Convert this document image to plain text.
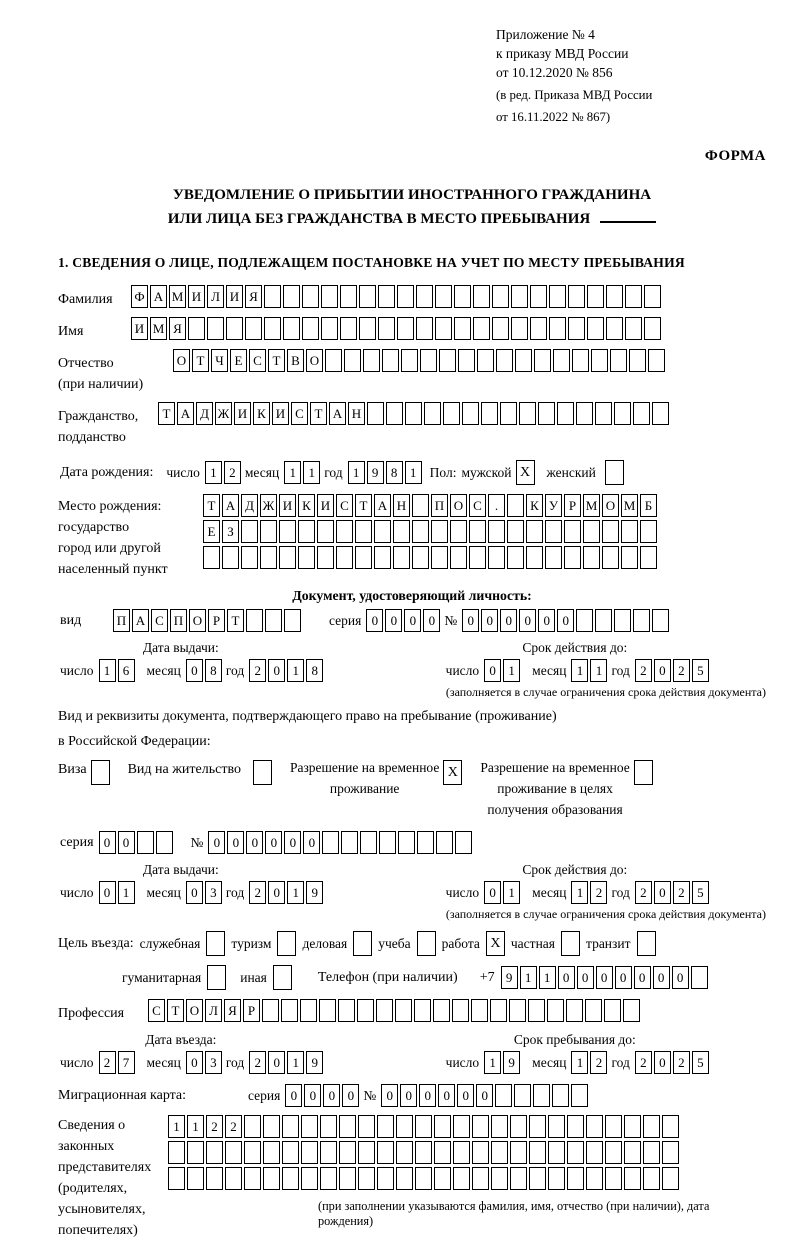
Приложение № 4
к приказу МВД России
от 10.12.2020 № 856
(в ред. Приказа МВД России
от 16.11.2022 № 867)
ФОРМА
УВЕДОМЛЕНИЕ О ПРИБЫТИИ ИНОСТРАННОГО ГРАЖДАНИНА
ИЛИ ЛИЦА БЕЗ ГРАЖДАНСТВА В МЕСТО ПРЕБЫВАНИЯ
1. СВЕДЕНИЯ О ЛИЦЕ, ПОДЛЕЖАЩЕМ ПОСТАНОВКЕ НА УЧЕТ ПО МЕСТУ ПРЕБЫВАНИЯ
Фамилия	Ф А М И Л И Я
Имя	И М Я
Отчество
(при наличии)
О Т Ч Е С Т В О
Гражданство,
подданство
Т А Д Ж И К И С Т А Н
Дата рождения: число 1 2 месяц 1 1 год 1 9 8 1 Пол: мужской X	женский
Место рождения:
государство
город или другой
населенный пункт
Т А Д Ж И К И С Т А Н П О С	.	К У Р М О М Б
Е З
Документ, удостоверяющий личность:
вид	П А С П О Р Т	серия 0 0 0 0 № 0 0 0 0 0 0
Дата выдачи:
число 1 6	месяц 0 8 год 2 0 1 8
Срок действия до:
число 0 1	месяц 1 1 год 2 0 2 5
(заполняется в случае ограничения срока действия документа)
Вид и реквизиты документа, подтверждающего право на пребывание (проживание)
в Российской Федерации:
Виза	Вид на жительство	Разрешение на временное
проживание
X	Разрешение на временное
проживание в целях
получения образования
серия 0 0	№ 0 0 0 0 0 0
Дата выдачи:
число 0 1	месяц 0 3 год 2 0 1 9
Срок действия до:
число 0 1	месяц 1 2 год 2 0 2 5
(заполняется в случае ограничения срока действия документа)
Цель въезда: служебная туризм деловая учеба работа X частная транзит
гуманитарная	иная	Телефон (при наличии) +7 9 1 1 0 0 0 0 0 0 0
Профессия	С Т О Л Я Р
Дата въезда:
число 2 7	месяц 0 3 год 2 0 1 9
Срок пребывания до:
число 1 9	месяц 1 2 год 2 0 2 5
Миграционная карта:	серия 0 0 0 0 № 0 0 0 0 0 0
Сведения о
законных
представителях
(родителях,
усыновителях,
попечителях)
1 1 2 2
(при заполнении указываются фамилия, имя, отчество (при наличии), дата рождения)
